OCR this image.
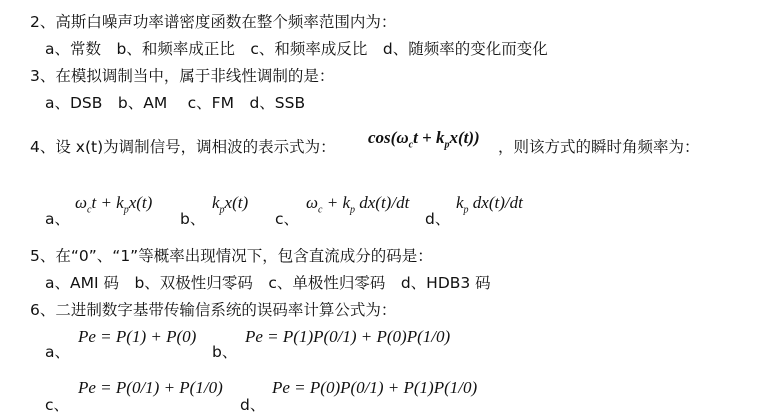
2、高斯白噪声功率谱密度函数在整个频率范围内为：
a、常数　b、和频率成正比　c、和频率成反比　d、随频率的变化而变化
3、在模拟调制当中，属于非线性调制的是：
a、DSB　b、AM　 c、FM　d、SSB
4、设 x(t)为调制信号，调相波的表示式为： $\cos(\omega_ct + k_px(t))$ ，则该方式的瞬时角频率为：
a、
$\omega_ct + k_px(t)$
b、
$k_px(t)$
c、
$\omega_c + k_p$ dx(t)/dt
d、
$k_p$ dx(t)/dt
5、在“0”、“1”等概率出现情况下，包含直流成分的码是：
a、AMI 码　b、双极性归零码　c、单极性归零码　d、HDB3 码
6、二进制数字基带传输信系统的误码率计算公式为：
a、
Pe = P(1) + P(0)
b、
Pe = P(1)P(0/1) + P(0)P(1/0)
c、
Pe = P(0/1) + P(1/0)
d、
Pe = P(0)P(0/1) + P(1)P(1/0)
